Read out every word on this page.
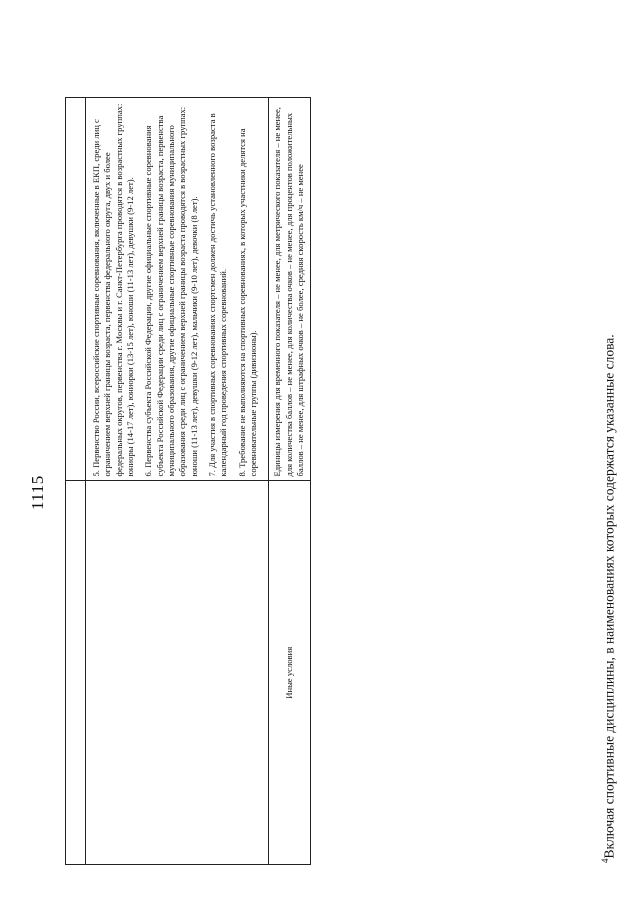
1115

	5. Первенство России, всероссийские спортивные соревнования, включенные в ЕКП, среди лиц с ограничением верхней границы возраста, первенства федерального округа, двух и более федеральных округов, первенства г. Москвы и г. Санкт-Петербурга проводятся в возрастных группах: юниоры (14-17 лет), юниорки (13-15 лет), юноши (11-13 лет), девушки (9-12 лет). 6. Первенства субъекта Российской Федерации, другие официальные спортивные соревнования субъекта Российской Федерации среди лиц с ограничением верхней границы возраста, первенства муниципального образования, другие официальные спортивные соревнования муниципального образования среди лиц с ограничением верхней границы возраста проводятся в возрастных группах: юноши (11-13 лет), девушки (9-12 лет), мальчики (9-10 лет), девочки (8 лет). 7. Для участия в спортивных соревнованиях спортсмен должен достичь установленного возраста в календарный год проведения спортивных соревнований. 8. Требование не выполняются на спортивных соревнованиях, в которых участники делятся на соревновательные группы (дивизионы).

Иные условия	Единицы измерения для временного показателя – не менее, для метрического показателя – не менее, для количества баллов – не менее, для количества очков – не менее, для процентов положительных баллов – не менее, для штрафных очков – не более, средняя скорость км/ч – не менее
$^4$Включая спортивные дисциплины, в наименованиях которых содержатся указанные слова.
